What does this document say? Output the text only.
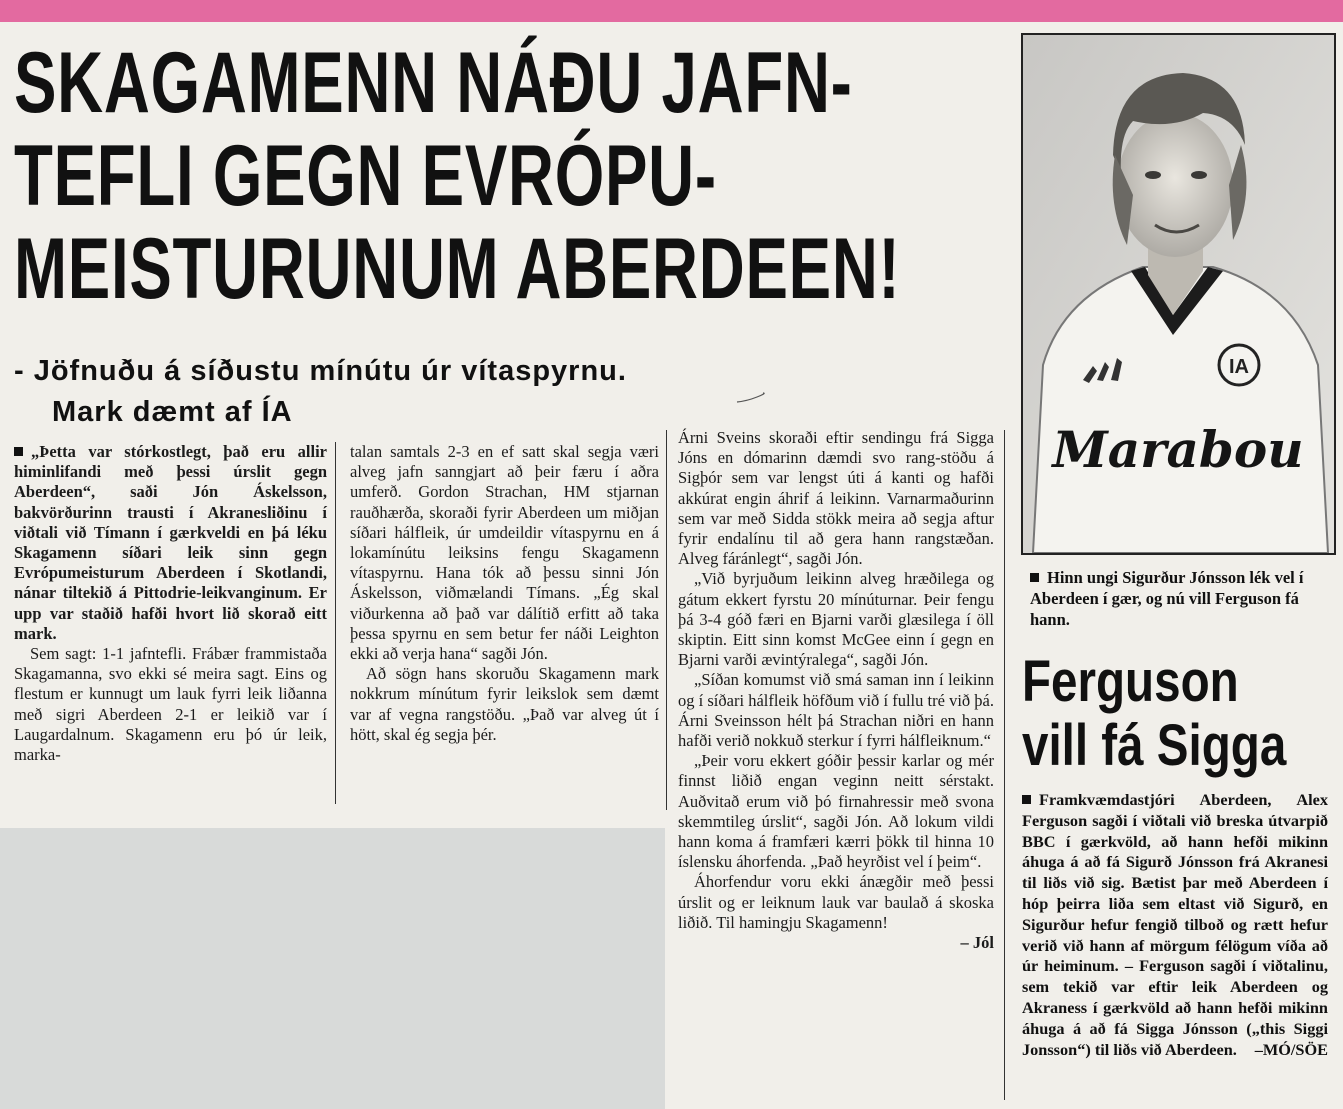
SKAGAMENN NÁÐU JAFN-
TEFLI GEGN EVRÓPU-
MEISTURUNUM ABERDEEN!
- Jöfnuðu á síðustu mínútu úr vítaspyrnu.
Mark dæmt af ÍA

„Þetta var stórkostlegt, það eru allir himinlifandi með þessi úrslit gegn Aberdeen“, saði Jón Áskelsson, bakvörðurinn trausti í Akranesliðinu í viðtali við Tímann í gærkveldi en þá léku Skagamenn síðari leik sinn gegn Evrópumeisturum Aberdeen í Skotlandi, nánar tiltekið á Pittodrie-leikvanginum. Er upp var staðið hafði hvort lið skorað eitt mark.

Sem sagt: 1-1 jafntefli. Frábær frammistaða Skagamanna, svo ekki sé meira sagt. Eins og flestum er kunnugt um lauk fyrri leik liðanna með sigri Aberdeen 2-1 er leikið var í Laugardalnum. Skagamenn eru þó úr leik, marka-

talan samtals 2-3 en ef satt skal segja væri alveg jafn sanngjart að þeir færu í aðra umferð. Gordon Strachan, HM stjarnan rauðhærða, skoraði fyrir Aberdeen um miðjan síðari hálfleik, úr umdeildir vítaspyrnu en á lokamínútu leiksins fengu Skagamenn vítaspyrnu. Hana tók að þessu sinni Jón Áskelsson, viðmælandi Tímans. „Ég skal viðurkenna að það var dálítið erfitt að taka þessa spyrnu en sem betur fer náði Leighton ekki að verja hana“ sagði Jón.

Að sögn hans skoruðu Skagamenn mark nokkrum mínútum fyrir leikslok sem dæmt var af vegna rangstöðu. „Það var alveg út í hött, skal ég segja þér.

Árni Sveins skoraði eftir sendingu frá Sigga Jóns en dómarinn dæmdi svo rang-stöðu á Sigþór sem var lengst úti á kanti og hafði akkúrat engin áhrif á leikinn. Varnarmaðurinn sem var með Sidda stökk meira að segja aftur fyrir endalínu til að gera hann rangstæðan. Alveg fáránlegt“, sagði Jón.

„Við byrjuðum leikinn alveg hræðilega og gátum ekkert fyrstu 20 mínúturnar. Þeir fengu þá 3-4 góð færi en Bjarni varði glæsilega í öll skiptin. Eitt sinn komst McGee einn í gegn en Bjarni varði ævintýralega“, sagði Jón.

„Síðan komumst við smá saman inn í leikinn og í síðari hálfleik höfðum við í fullu tré við þá. Árni Sveinsson hélt þá Strachan niðri en hann hafði verið nokkuð sterkur í fyrri hálfleiknum.“

„Þeir voru ekkert góðir þessir karlar og mér finnst liðið engan veginn neitt sérstakt. Auðvitað erum við þó firnahressir með svona skemmtileg úrslit“, sagði Jón. Að lokum vildi hann koma á framfæri kærri þökk til hinna 10 íslensku áhorfenda. „Það heyrðist vel í þeim“.

Áhorfendur voru ekki ánægðir með þessi úrslit og er leiknum lauk var baulað á skoska liðið. Til hamingju Skagamenn!

– Jól

IA
Marabou
Hinn ungi Sigurður Jónsson lék vel í Aberdeen í gær, og nú vill Ferguson fá hann.
Ferguson
vill fá Sigga
Framkvæmdastjóri Aberdeen, Alex Ferguson sagði í viðtali við breska útvarpið BBC í gærkvöld, að hann hefði mikinn áhuga á að fá Sigurð Jónsson frá Akranesi til liðs við sig. Bætist þar með Aberdeen í hóp þeirra liða sem eltast við Sigurð, en Sigurður hefur fengið tilboð og rætt hefur verið við hann af mörgum félögum víða að úr heiminum. – Ferguson sagði í viðtalinu, sem tekið var eftir leik Aberdeen og Akraness í gærkvöld að hann hefði mikinn áhuga á að fá Sigga Jónsson („this Siggi Jonsson“) til liðs við Aberdeen. –MÓ/SÖE
